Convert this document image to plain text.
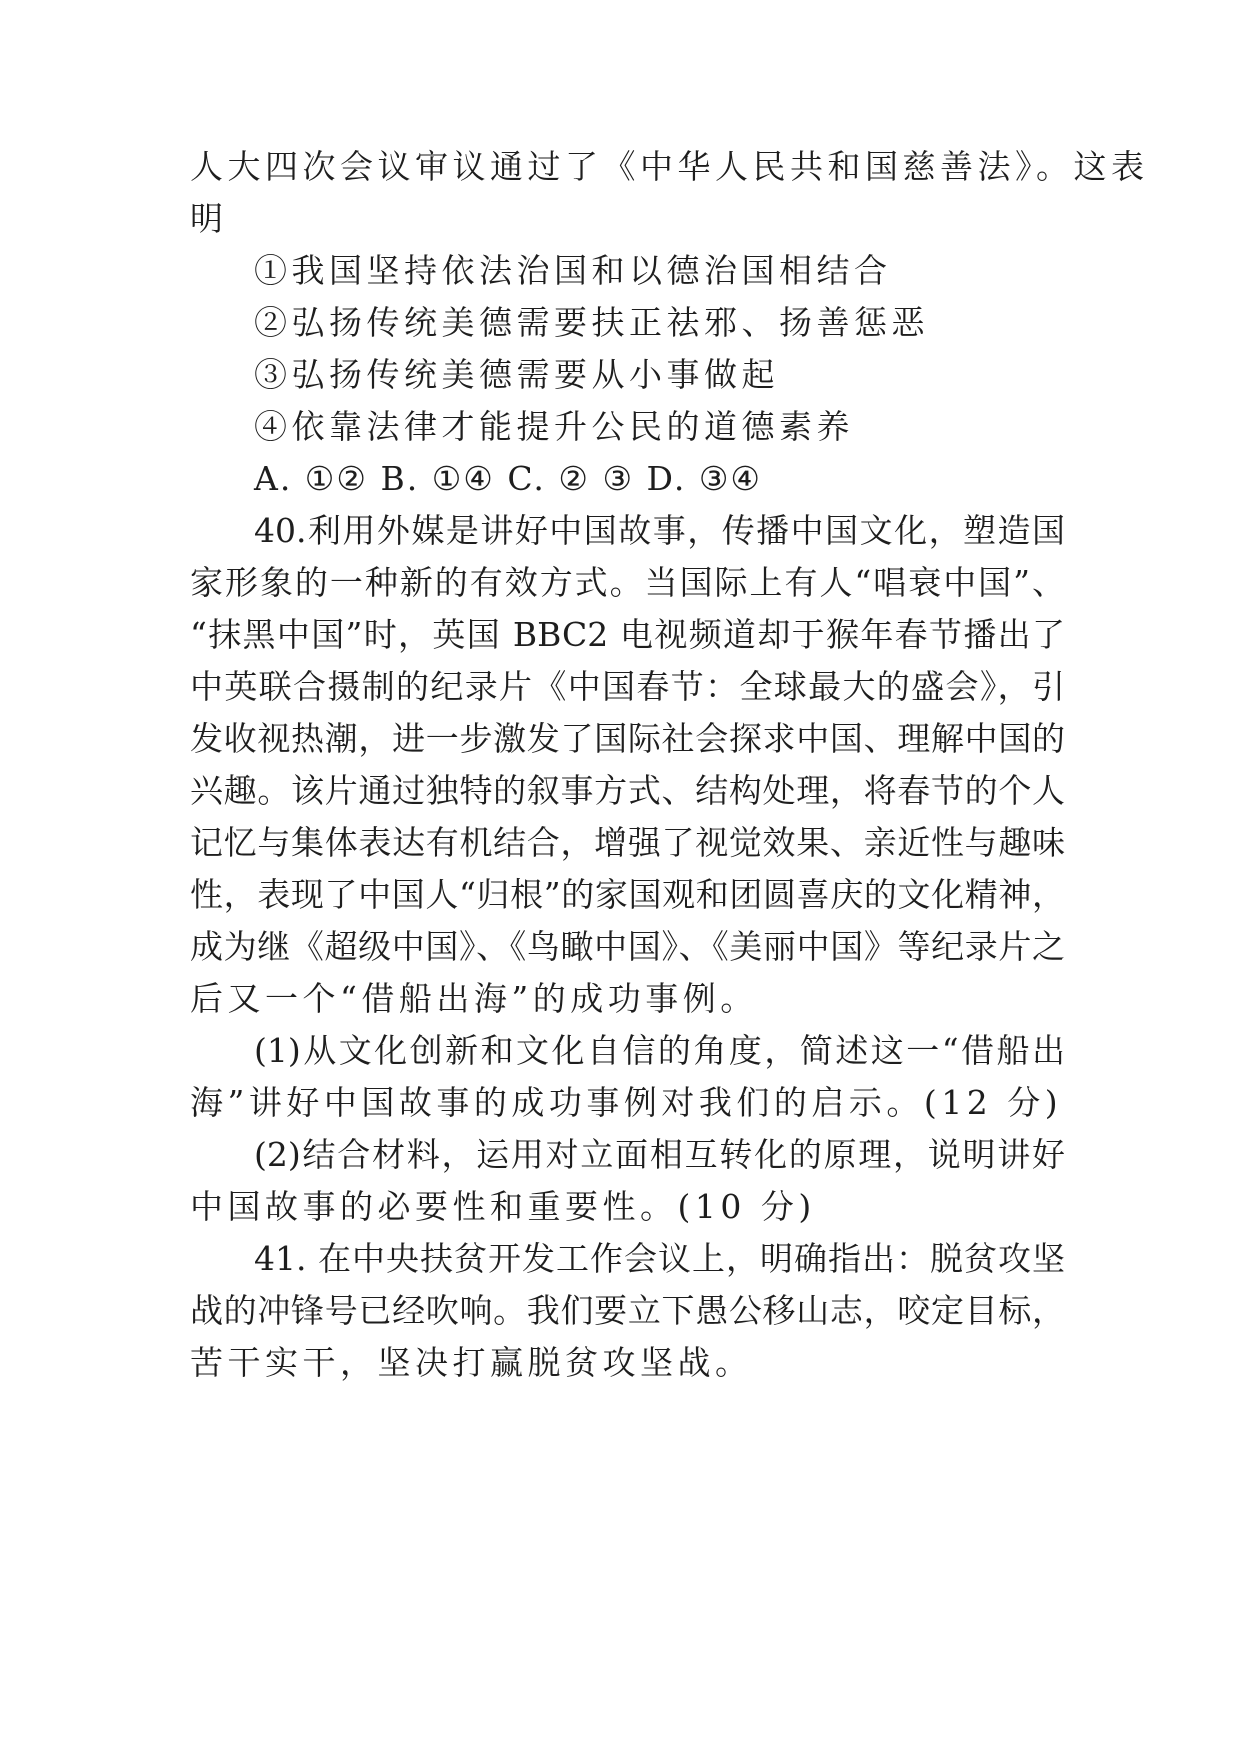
人大四次会议审议通过了《中华人民共和国慈善法》。这表
明
①我国坚持依法治国和以德治国相结合
②弘扬传统美德需要扶正祛邪、扬善惩恶
③弘扬传统美德需要从小事做起
④依靠法律才能提升公民的道德素养
A. ①② B. ①④ C. ② ③ D. ③④
40.利用外媒是讲好中国故事，传播中国文化，塑造国
家形象的一种新的有效方式。当国际上有人“唱衰中国”、
“抹黑中国”时，英国 BBC2 电视频道却于猴年春节播出了
中英联合摄制的纪录片《中国春节：全球最大的盛会》，引
发收视热潮，进一步激发了国际社会探求中国、理解中国的
兴趣。该片通过独特的叙事方式、结构处理，将春节的个人
记忆与集体表达有机结合，增强了视觉效果、亲近性与趣味
性，表现了中国人“归根”的家国观和团圆喜庆的文化精神，
成为继《超级中国》、《鸟瞰中国》、《美丽中国》等纪录片之
后又一个“借船出海”的成功事例。
(1)从文化创新和文化自信的角度，简述这一“借船出
海”讲好中国故事的成功事例对我们的启示。(12 分)
(2)结合材料，运用对立面相互转化的原理，说明讲好
中国故事的必要性和重要性。(10 分)
41. 在中央扶贫开发工作会议上，明确指出：脱贫攻坚
战的冲锋号已经吹响。我们要立下愚公移山志，咬定目标，
苦干实干，坚决打赢脱贫攻坚战。
